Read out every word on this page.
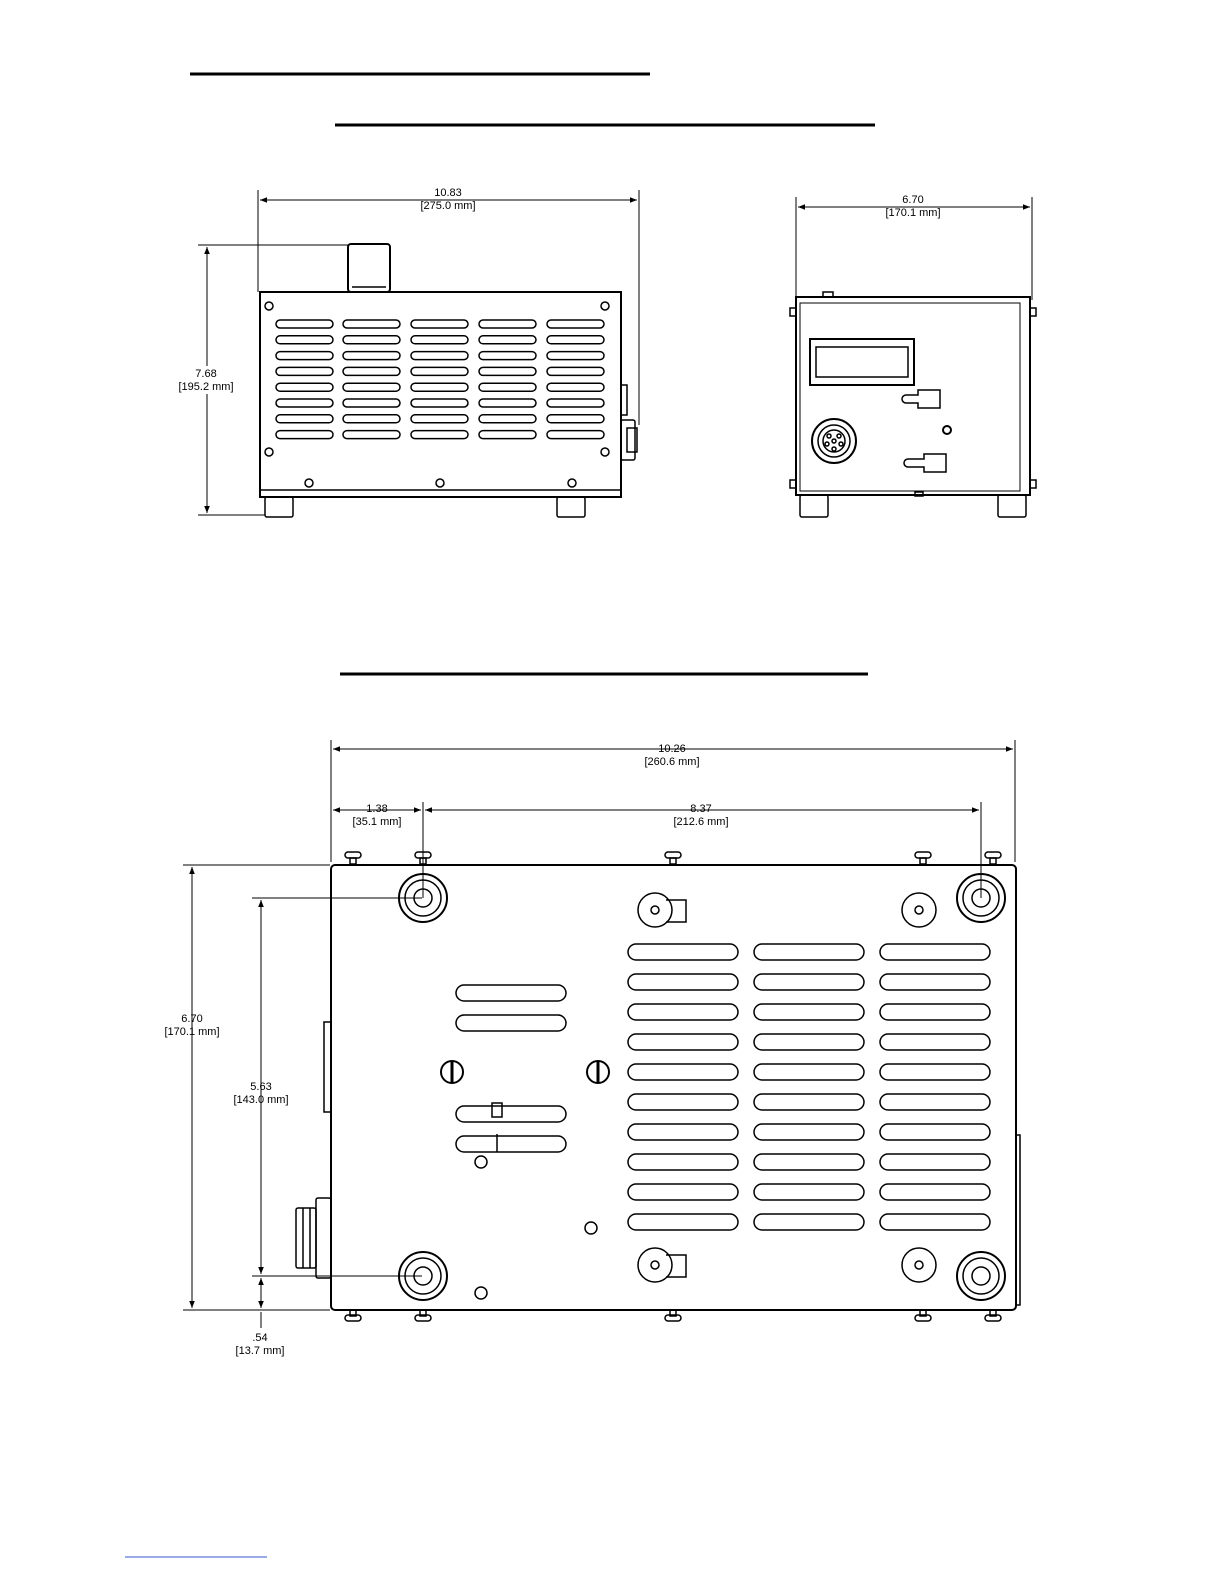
10.83
[275.0 mm]
7.68
[195.2 mm]
6.70
[170.1 mm]
10.26
[260.6 mm]
1.38
[35.1 mm]
8.37
[212.6 mm]
6.70
[170.1 mm]
5.63
[143.0 mm]
.54
[13.7 mm]
